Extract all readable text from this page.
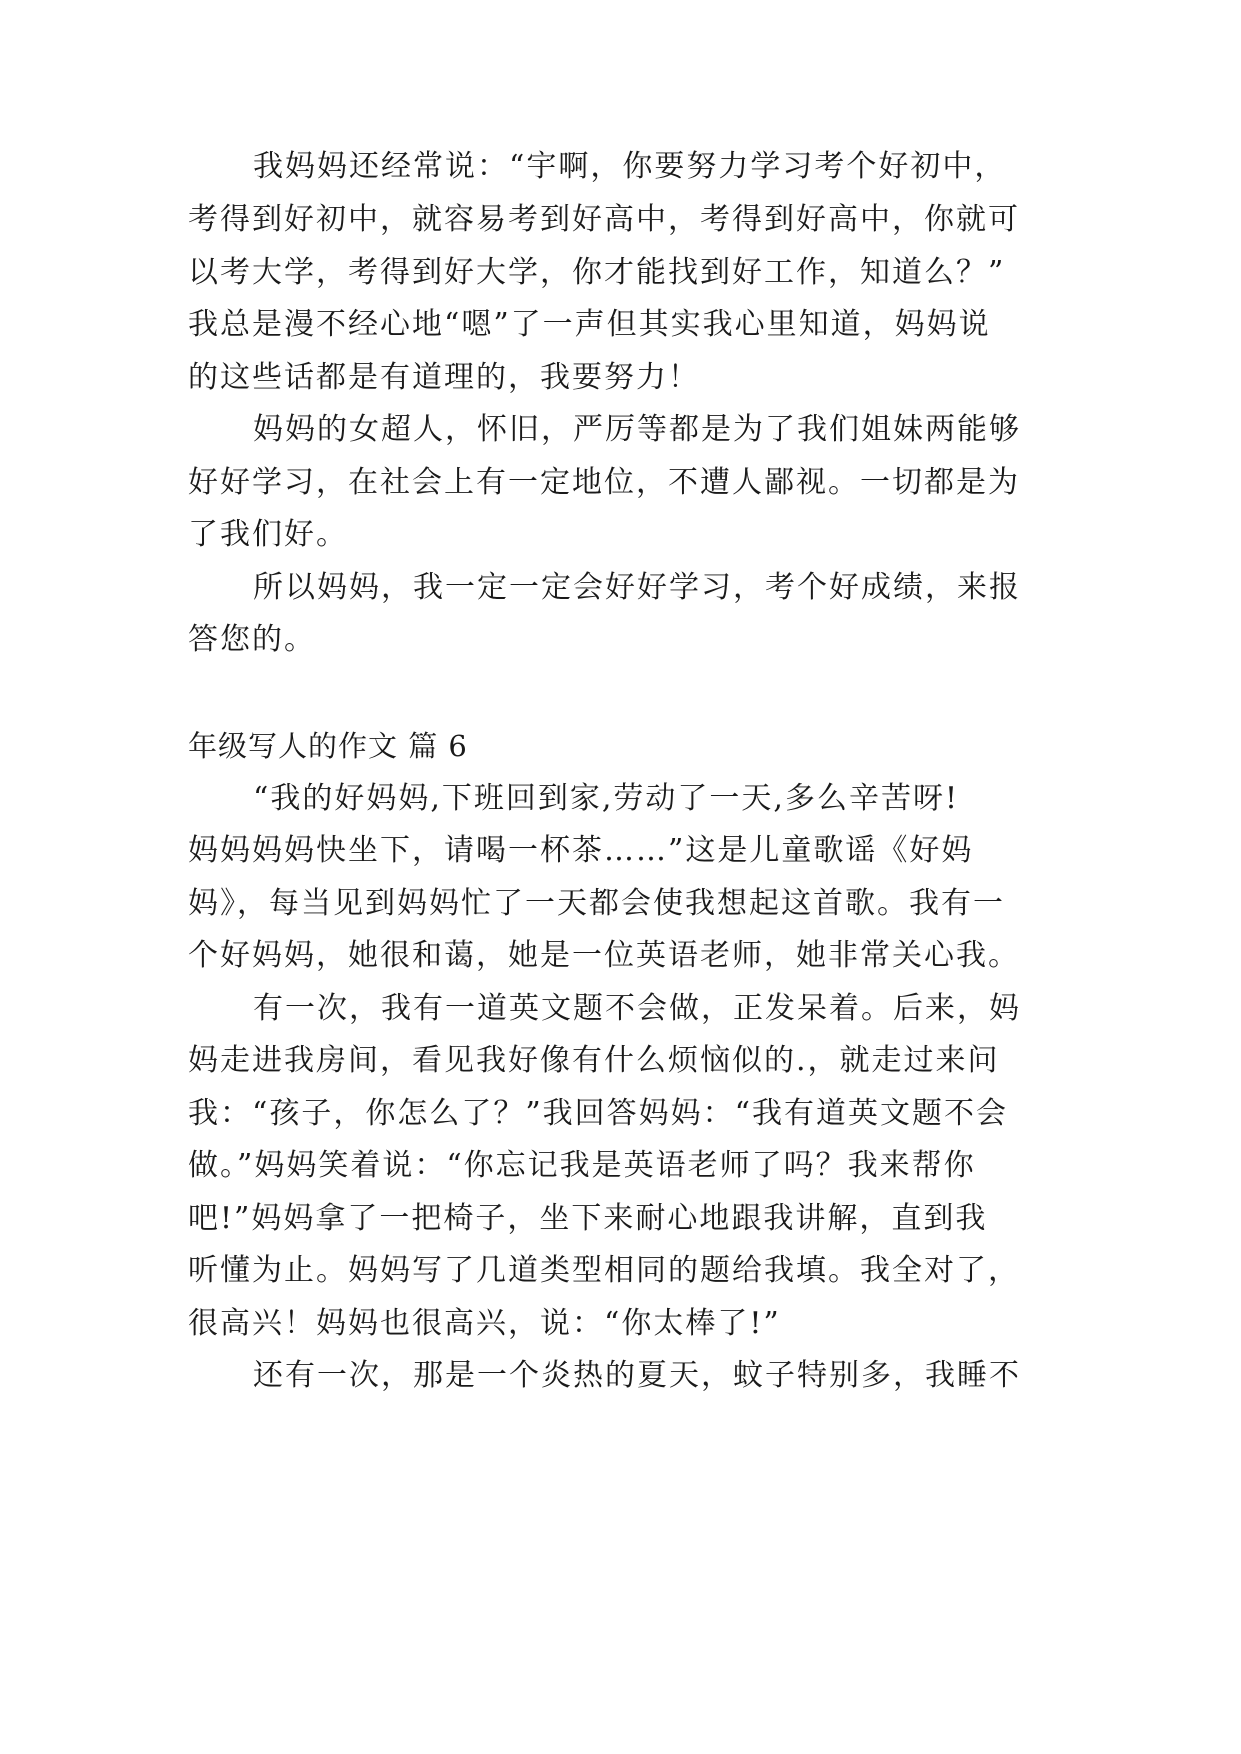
我妈妈还经常说：“宇啊，你要努力学习考个好初中，

考得到好初中，就容易考到好高中，考得到好高中，你就可

以考大学，考得到好大学，你才能找到好工作，知道么？”

我总是漫不经心地“嗯”了一声但其实我心里知道，妈妈说

的这些话都是有道理的，我要努力！

妈妈的女超人，怀旧，严厉等都是为了我们姐妹两能够

好好学习，在社会上有一定地位，不遭人鄙视。一切都是为

了我们好。

所以妈妈，我一定一定会好好学习，考个好成绩，来报

答您的。

年级写人的作文 篇 6

“我的好妈妈,下班回到家,劳动了一天,多么辛苦呀!

妈妈妈妈快坐下，请喝一杯茶……”这是儿童歌谣《好妈

妈》，每当见到妈妈忙了一天都会使我想起这首歌。我有一

个好妈妈，她很和蔼，她是一位英语老师，她非常关心我。

有一次，我有一道英文题不会做，正发呆着。后来，妈

妈走进我房间，看见我好像有什么烦恼似的.，就走过来问

我：“孩子，你怎么了？”我回答妈妈：“我有道英文题不会

做。”妈妈笑着说：“你忘记我是英语老师了吗？我来帮你

吧!”妈妈拿了一把椅子，坐下来耐心地跟我讲解，直到我

听懂为止。妈妈写了几道类型相同的题给我填。我全对了，

很高兴！妈妈也很高兴，说：“你太棒了!”

还有一次，那是一个炎热的夏天，蚊子特别多，我睡不
